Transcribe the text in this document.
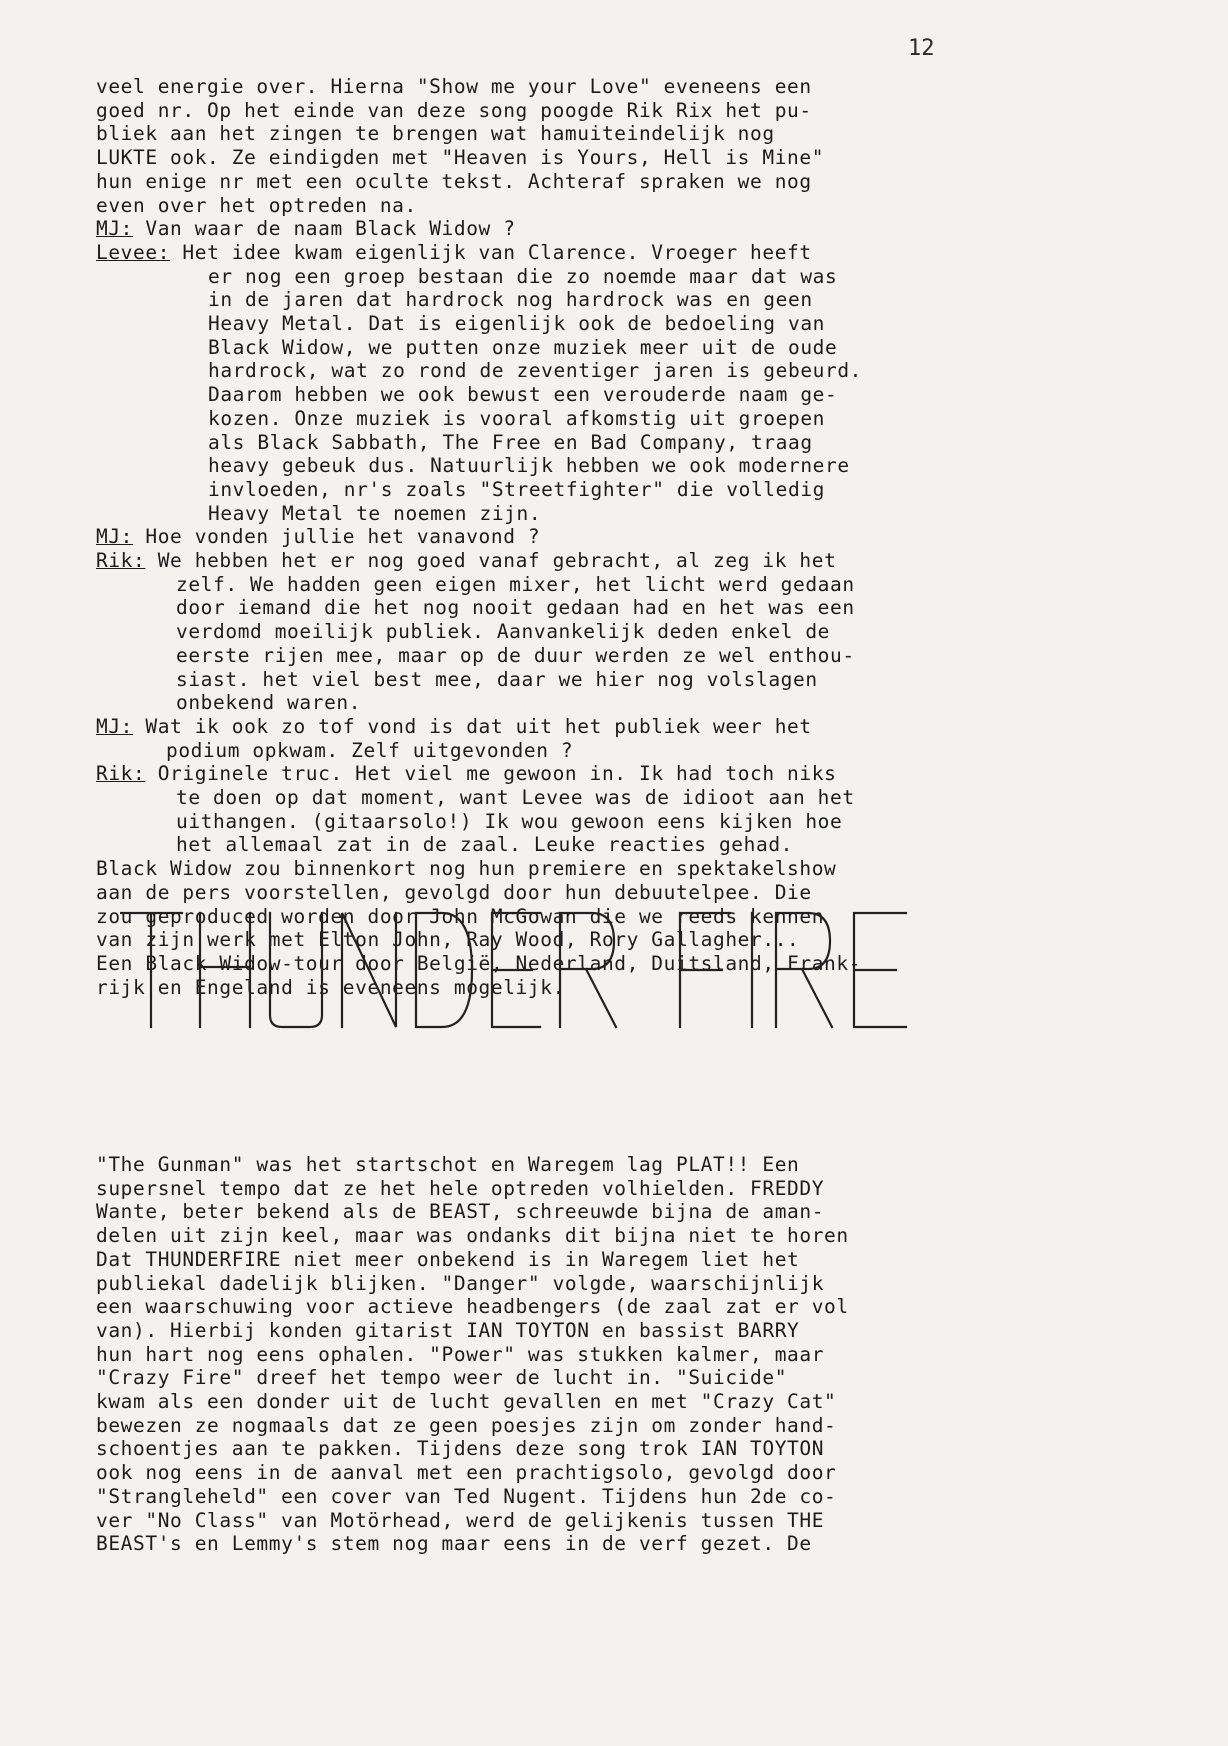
12
veel energie over. Hierna "Show me your Love" eveneens een
goed nr. Op het einde van deze song poogde Rik Rix het pu-
bliek aan het zingen te brengen wat hamuiteindelijk nog
LUKTE ook. Ze eindigden met "Heaven is Yours, Hell is Mine"
hun enige nr met een oculte tekst. Achteraf spraken we nog
even over het optreden na.
MJ: Van waar de naam Black Widow ?
Levee: Het idee kwam eigenlijk van Clarence. Vroeger heeft
er nog een groep bestaan die zo noemde maar dat was
in de jaren dat hardrock nog hardrock was en geen
Heavy Metal. Dat is eigenlijk ook de bedoeling van
Black Widow, we putten onze muziek meer uit de oude
hardrock, wat zo rond de zeventiger jaren is gebeurd.
Daarom hebben we ook bewust een verouderde naam ge-
kozen. Onze muziek is vooral afkomstig uit groepen
als Black Sabbath, The Free en Bad Company, traag
heavy gebeuk dus. Natuurlijk hebben we ook modernere
invloeden, nr's zoals "Streetfighter" die volledig
Heavy Metal te noemen zijn.
MJ: Hoe vonden jullie het vanavond ?
Rik: We hebben het er nog goed vanaf gebracht, al zeg ik het
zelf. We hadden geen eigen mixer, het licht werd gedaan
door iemand die het nog nooit gedaan had en het was een
verdomd moeilijk publiek. Aanvankelijk deden enkel de
eerste rijen mee, maar op de duur werden ze wel enthou-
siast. het viel best mee, daar we hier nog volslagen
onbekend waren.
MJ: Wat ik ook zo tof vond is dat uit het publiek weer het
podium opkwam. Zelf uitgevonden ?
Rik: Originele truc. Het viel me gewoon in. Ik had toch niks
te doen op dat moment, want Levee was de idioot aan het
uithangen. (gitaarsolo!) Ik wou gewoon eens kijken hoe
het allemaal zat in de zaal. Leuke reacties gehad.
Black Widow zou binnenkort nog hun premiere en spektakelshow
aan de pers voorstellen, gevolgd door hun debuutelpee. Die
zou geproduced worden door John McGowan die we reeds kennen
van zijn werk met Elton John, Ray Wood, Rory Gallagher...
Een Black Widow-tour door België, Nederland, Duitsland, Frank-
rijk en Engeland is eveneens mogelijk.
"The Gunman" was het startschot en Waregem lag PLAT!! Een
supersnel tempo dat ze het hele optreden volhielden. FREDDY
Wante, beter bekend als de BEAST, schreeuwde bijna de aman-
delen uit zijn keel, maar was ondanks dit bijna niet te horen
Dat THUNDERFIRE niet meer onbekend is in Waregem liet het
publiekal dadelijk blijken. "Danger" volgde, waarschijnlijk
een waarschuwing voor actieve headbengers (de zaal zat er vol
van). Hierbij konden gitarist IAN TOYTON en bassist BARRY
hun hart nog eens ophalen. "Power" was stukken kalmer, maar
"Crazy Fire" dreef het tempo weer de lucht in. "Suicide"
kwam als een donder uit de lucht gevallen en met "Crazy Cat"
bewezen ze nogmaals dat ze geen poesjes zijn om zonder hand-
schoentjes aan te pakken. Tijdens deze song trok IAN TOYTON
ook nog eens in de aanval met een prachtigsolo, gevolgd door
"Strangleheld" een cover van Ted Nugent. Tijdens hun 2de co-
ver "No Class" van Motörhead, werd de gelijkenis tussen THE
BEAST's en Lemmy's stem nog maar eens in de verf gezet. De
